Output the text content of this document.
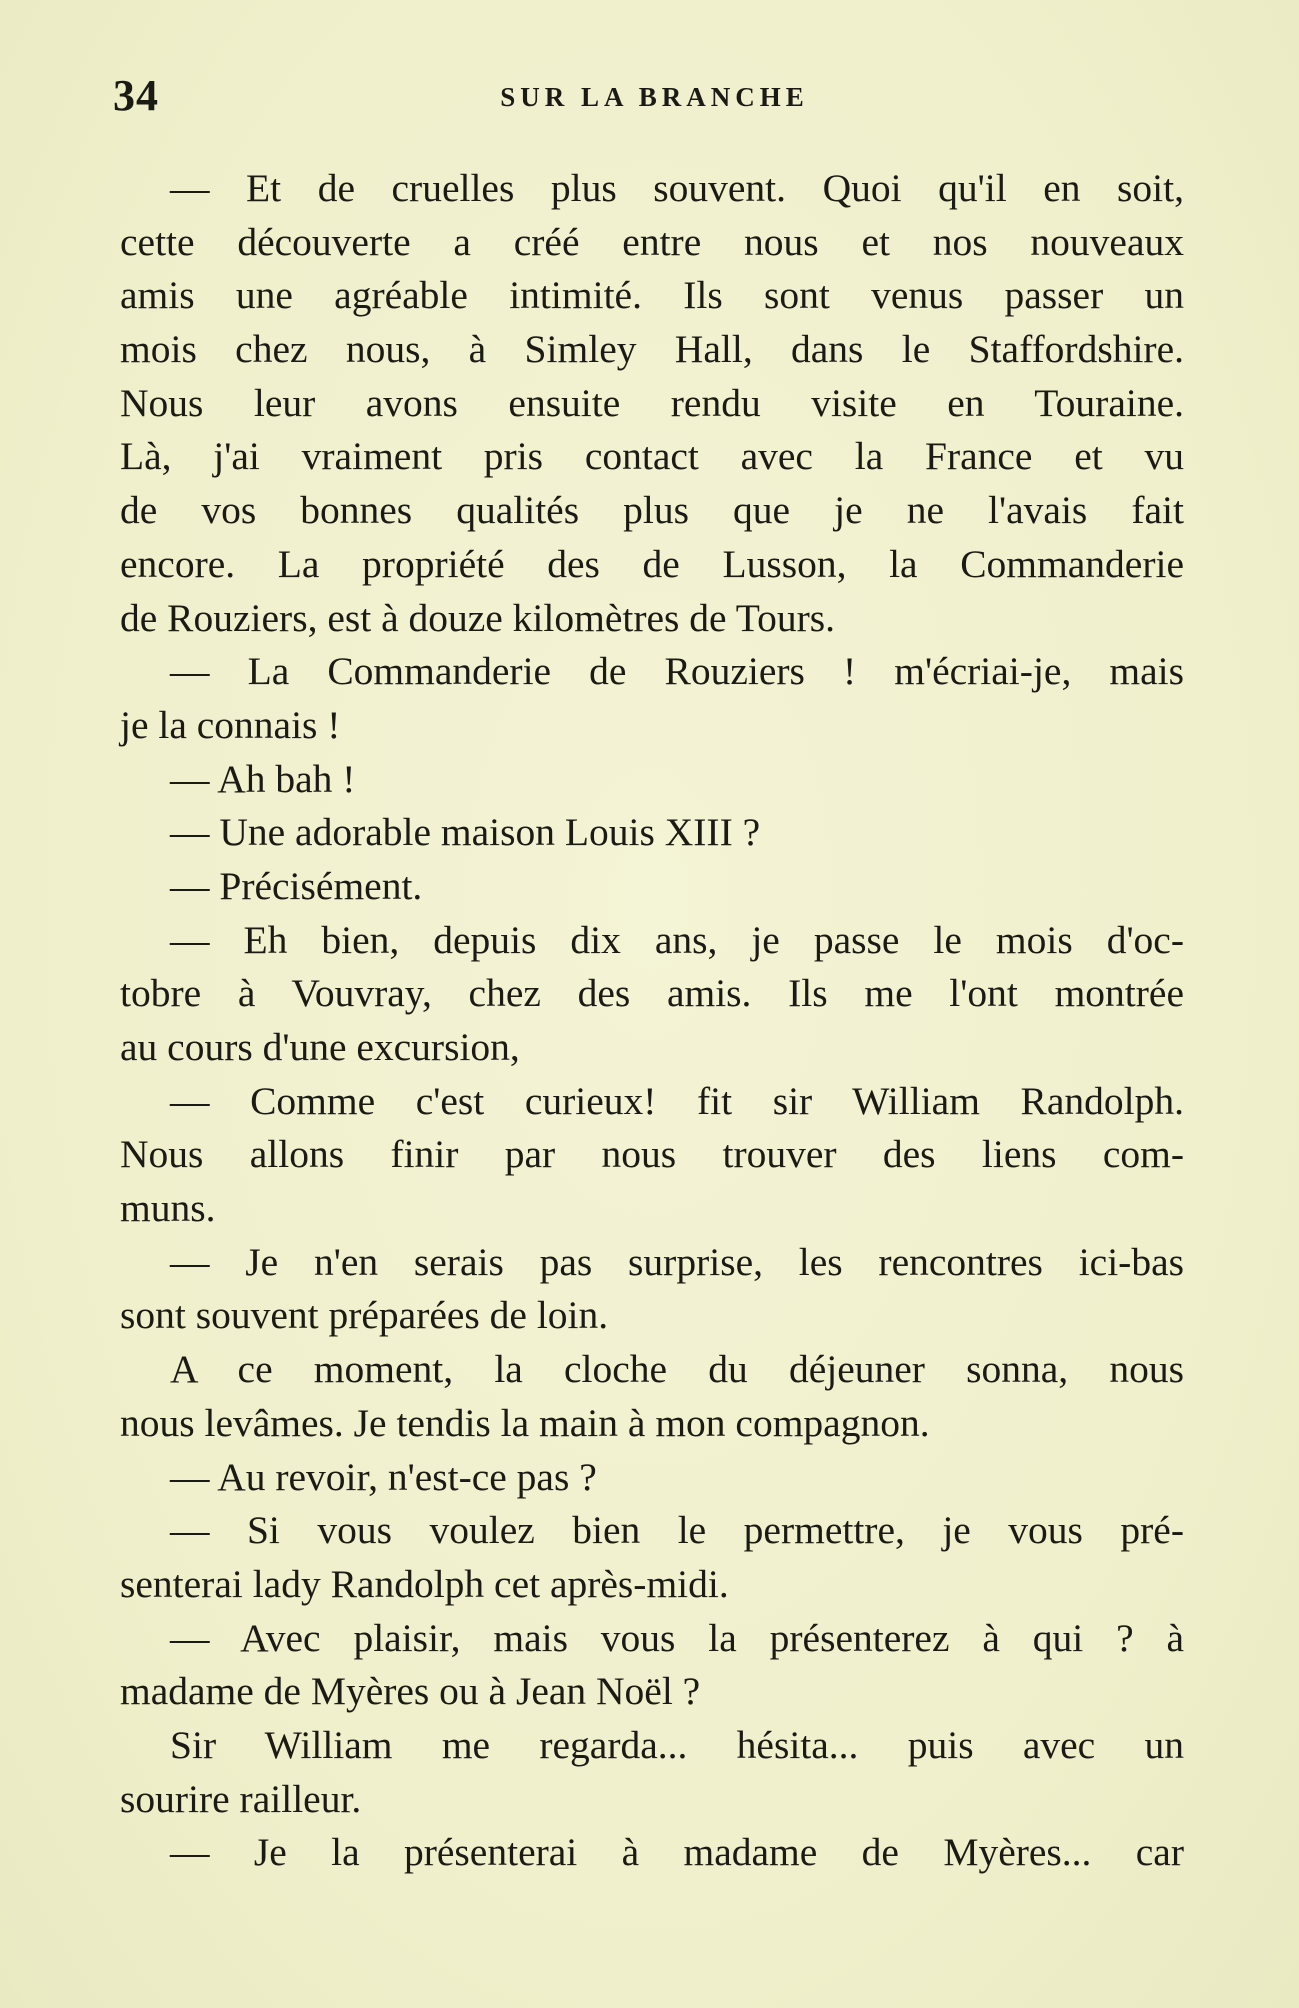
34	SUR LA BRANCHE
— Et de cruelles plus souvent. Quoi qu'il en soit,
cette découverte a créé entre nous et nos nouveaux
amis une agréable intimité. Ils sont venus passer un
mois chez nous, à Simley Hall, dans le Staffordshire.
Nous leur avons ensuite rendu visite en Touraine.
Là, j'ai vraiment pris contact avec la France et vu
de vos bonnes qualités plus que je ne l'avais fait
encore. La propriété des de Lusson, la Commanderie
de Rouziers, est à douze kilomètres de Tours.
— La Commanderie de Rouziers ! m'écriai-je, mais
je la connais !
— Ah bah !
— Une adorable maison Louis XIII ?
— Précisément.
— Eh bien, depuis dix ans, je passe le mois d'oc-
tobre à Vouvray, chez des amis. Ils me l'ont montrée
au cours d'une excursion,
— Comme c'est curieux! fit sir William Randolph.
Nous allons finir par nous trouver des liens com-
muns.
— Je n'en serais pas surprise, les rencontres ici-bas
sont souvent préparées de loin.
A ce moment, la cloche du déjeuner sonna, nous
nous levâmes. Je tendis la main à mon compagnon.
— Au revoir, n'est-ce pas ?
— Si vous voulez bien le permettre, je vous pré-
senterai lady Randolph cet après-midi.
— Avec plaisir, mais vous la présenterez à qui ? à
madame de Myères ou à Jean Noël ?
Sir William me regarda... hésita... puis avec un
sourire railleur.
— Je la présenterai à madame de Myères... car
